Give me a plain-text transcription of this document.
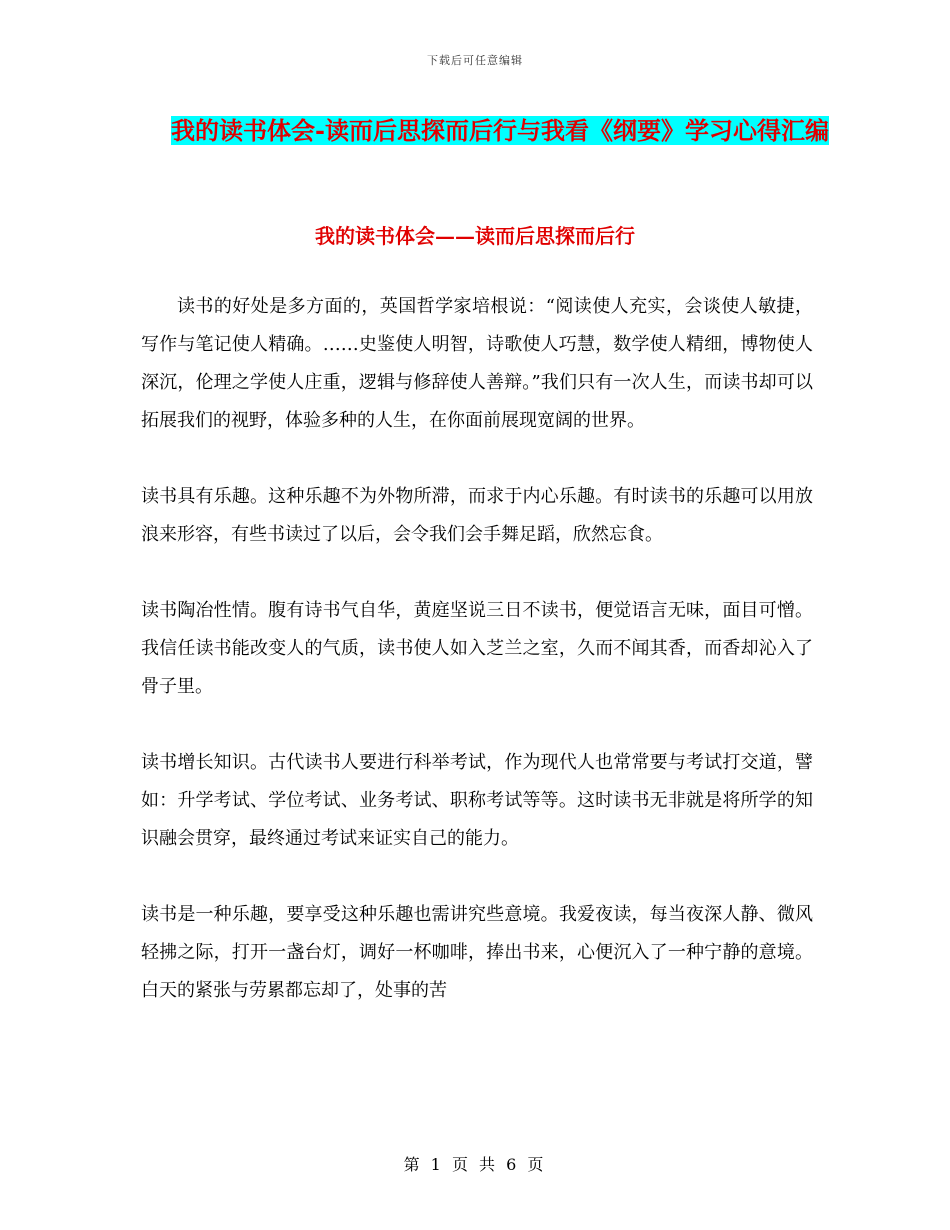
下载后可任意编辑
我的读书体会-读而后思探而后行与我看《纲要》学习心得汇编
我的读书体会——读而后思探而后行

读书的好处是多方面的，英国哲学家培根说：“阅读使人充实，会谈使人敏捷，写作与笔记使人精确。……史鉴使人明智，诗歌使人巧慧，数学使人精细，博物使人深沉，伦理之学使人庄重，逻辑与修辞使人善辩。”我们只有一次人生，而读书却可以拓展我们的视野，体验多种的人生，在你面前展现宽阔的世界。

读书具有乐趣。这种乐趣不为外物所滞，而求于内心乐趣。有时读书的乐趣可以用放浪来形容，有些书读过了以后，会令我们会手舞足蹈，欣然忘食。

读书陶冶性情。腹有诗书气自华，黄庭坚说三日不读书，便觉语言无味，面目可憎。我信任读书能改变人的气质，读书使人如入芝兰之室，久而不闻其香，而香却沁入了骨子里。

读书增长知识。古代读书人要进行科举考试，作为现代人也常常要与考试打交道，譬如：升学考试、学位考试、业务考试、职称考试等等。这时读书无非就是将所学的知识融会贯穿，最终通过考试来证实自己的能力。

读书是一种乐趣，要享受这种乐趣也需讲究些意境。我爱夜读，每当夜深人静、微风轻拂之际，打开一盏台灯，调好一杯咖啡，捧出书来，心便沉入了一种宁静的意境。白天的紧张与劳累都忘却了，处事的苦

第 1 页 共 6 页
